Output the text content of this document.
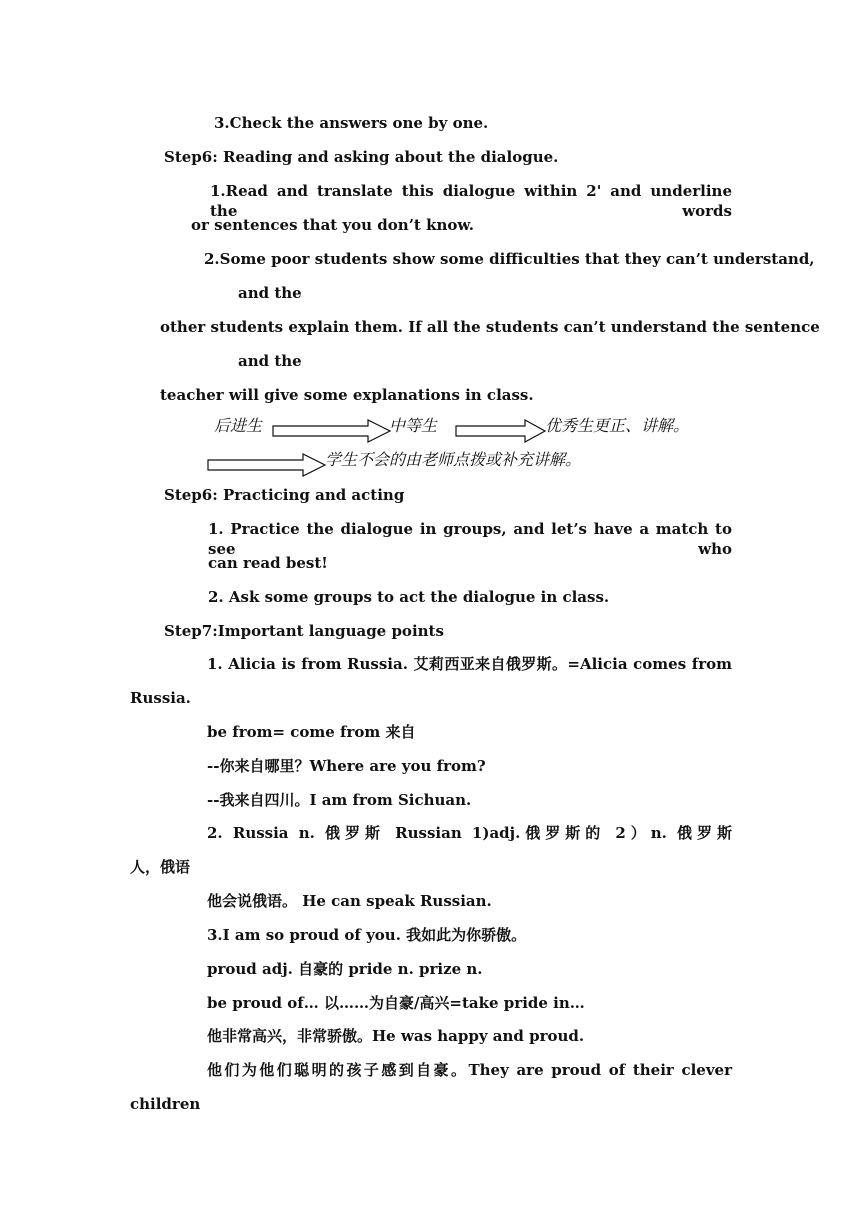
3.Check the answers one by one.
Step6: Reading and asking about the dialogue.
1.Read and translate this dialogue within 2' and underline the words
or sentences that you don’t know.
2.Some poor students show some difficulties that they can’t understand,
and the
other students explain them. If all the students can’t understand the sentence
and the
teacher will give some explanations in class.
后进生	中等生	优秀生更正、讲解。
学生不会的由老师点拨或补充讲解。
Step6: Practicing and acting
1. Practice the dialogue in groups, and let’s have a match to see who
can read best!
2. Ask some groups to act the dialogue in class.
Step7:Important language points
1. Alicia is from Russia. 艾莉西亚来自俄罗斯。=Alicia comes from
Russia.
be from= come from 来自
--你来自哪里？Where are you from?
--我来自四川。I am from Sichuan.
2. Russia n. 俄罗斯 Russian 1)adj.俄罗斯的 2）n. 俄罗斯
人，俄语
他会说俄语。 He can speak Russian.
3.I am so proud of you. 我如此为你骄傲。
proud adj. 自豪的 pride n. prize n.
be proud of… 以……为自豪/高兴=take pride in…
他非常高兴，非常骄傲。He was happy and proud.
他们为他们聪明的孩子感到自豪。They are proud of their clever
children
